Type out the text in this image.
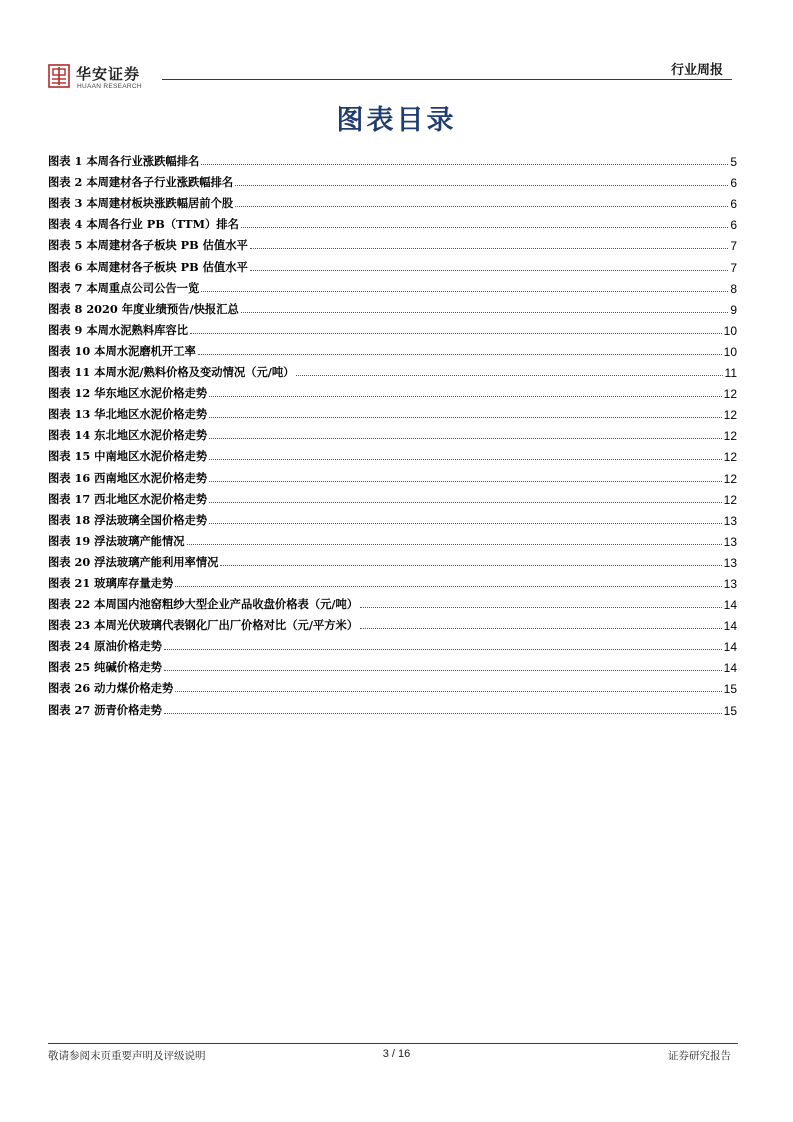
华安证券
HUAAN RESEARCH
行业周报
图表目录
图表 1 本周各行业涨跌幅排名	5
图表 2 本周建材各子行业涨跌幅排名	6
图表 3 本周建材板块涨跌幅居前个股	6
图表 4 本周各行业 PB（TTM）排名	6
图表 5 本周建材各子板块 PB 估值水平	7
图表 6 本周建材各子板块 PB 估值水平	7
图表 7 本周重点公司公告一览	8
图表 8 2020 年度业绩预告/快报汇总	9
图表 9 本周水泥熟料库容比	10
图表 10 本周水泥磨机开工率	10
图表 11 本周水泥/熟料价格及变动情况（元/吨）	11
图表 12 华东地区水泥价格走势	12
图表 13 华北地区水泥价格走势	12
图表 14 东北地区水泥价格走势	12
图表 15 中南地区水泥价格走势	12
图表 16 西南地区水泥价格走势	12
图表 17 西北地区水泥价格走势	12
图表 18 浮法玻璃全国价格走势	13
图表 19 浮法玻璃产能情况	13
图表 20 浮法玻璃产能利用率情况	13
图表 21 玻璃库存量走势	13
图表 22 本周国内池窑粗纱大型企业产品收盘价格表（元/吨）	14
图表 23 本周光伏玻璃代表钢化厂出厂价格对比（元/平方米）	14
图表 24 原油价格走势	14
图表 25 纯碱价格走势	14
图表 26 动力煤价格走势	15
图表 27 沥青价格走势	15
敬请参阅末页重要声明及评级说明	3 / 16	证券研究报告
